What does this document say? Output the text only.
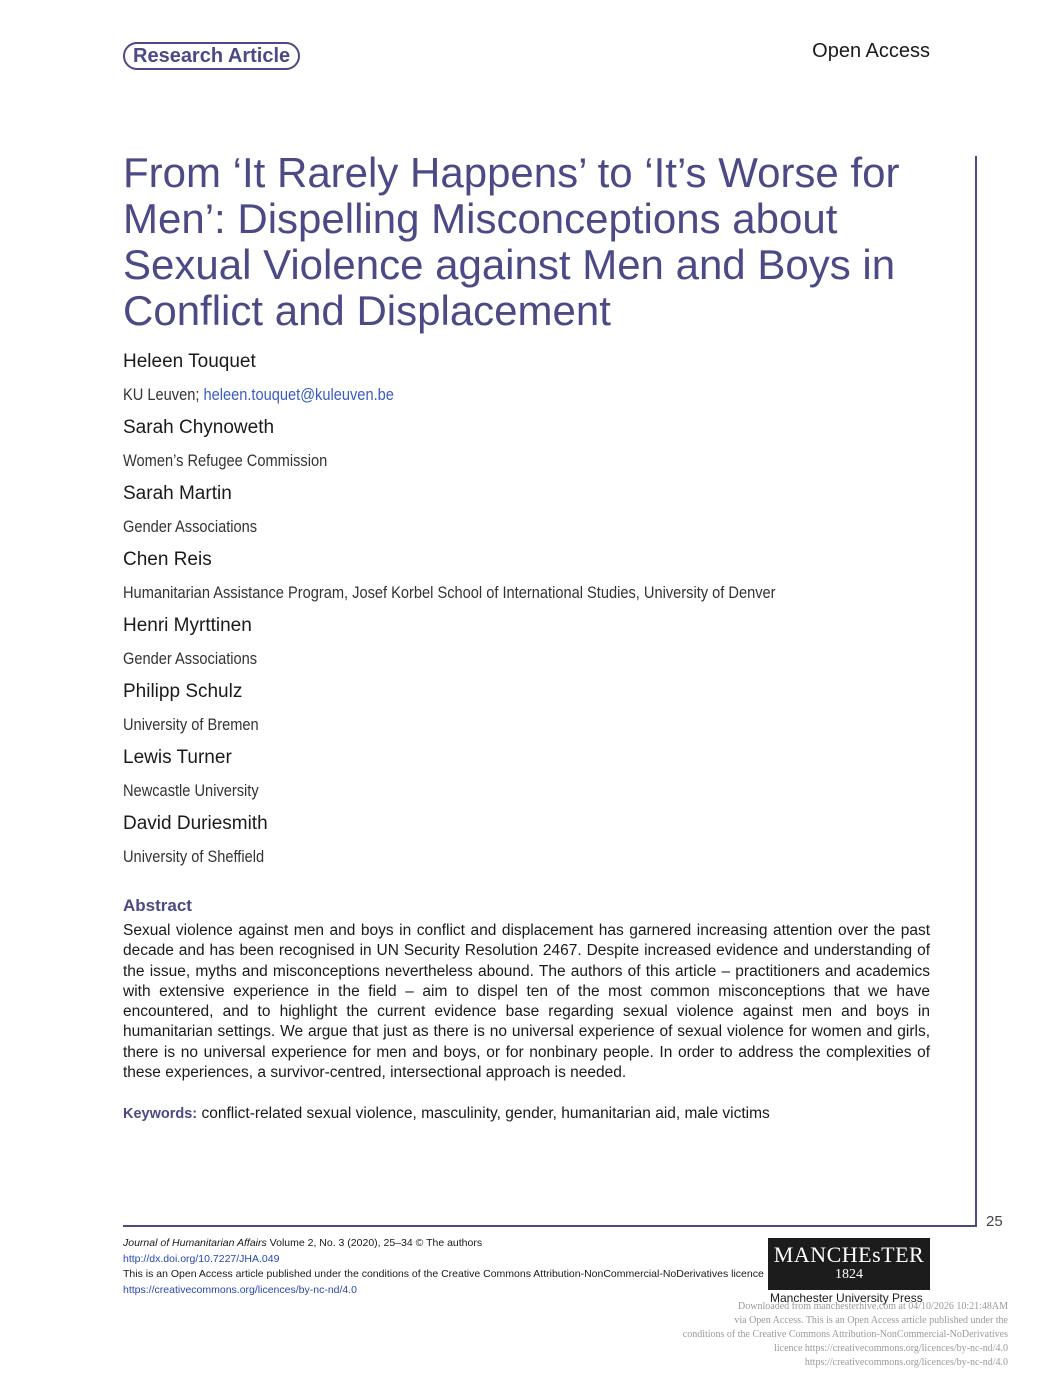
Research Article	Open Access
From ‘It Rarely Happens’ to ‘It’s Worse for Men’: Dispelling Misconceptions about Sexual Violence against Men and Boys in Conflict and Displacement
Heleen Touquet
KU Leuven; heleen.touquet@kuleuven.be
Sarah Chynoweth
Women’s Refugee Commission
Sarah Martin
Gender Associations
Chen Reis
Humanitarian Assistance Program, Josef Korbel School of International Studies, University of Denver
Henri Myrttinen
Gender Associations
Philipp Schulz
University of Bremen
Lewis Turner
Newcastle University
David Duriesmith
University of Sheffield
Abstract

Sexual violence against men and boys in conflict and displacement has garnered increasing attention over the past decade and has been recognised in UN Security Resolution 2467. Despite increased evidence and understanding of the issue, myths and misconceptions nevertheless abound. The authors of this article – practitioners and academics with extensive experience in the field – aim to dispel ten of the most common misconceptions that we have encountered, and to highlight the current evidence base regarding sexual violence against men and boys in humanitarian settings. We argue that just as there is no universal experience of sexual violence for women and girls, there is no universal experience for men and boys, or for nonbinary people. In order to address the complexities of these experiences, a survivor-centred, intersectional approach is needed.

Keywords: conflict-related sexual violence, masculinity, gender, humanitarian aid, male victims
25
Journal of Humanitarian Affairs Volume 2, No. 3 (2020), 25–34 © The authors
http://dx.doi.org/10.7227/JHA.049
This is an Open Access article published under the conditions of the Creative Commons Attribution-NonCommercial-NoDerivatives licence
https://creativecommons.org/licences/by-nc-nd/4.0
MANCHEsTER
1824
Manchester University Press
Downloaded from manchesterhive.com at 04/10/2026 10:21:48AM
via Open Access. This is an Open Access article published under the
conditions of the Creative Commons Attribution-NonCommercial-NoDerivatives
licence https://creativecommons.org/licences/by-nc-nd/4.0
https://creativecommons.org/licences/by-nc-nd/4.0
